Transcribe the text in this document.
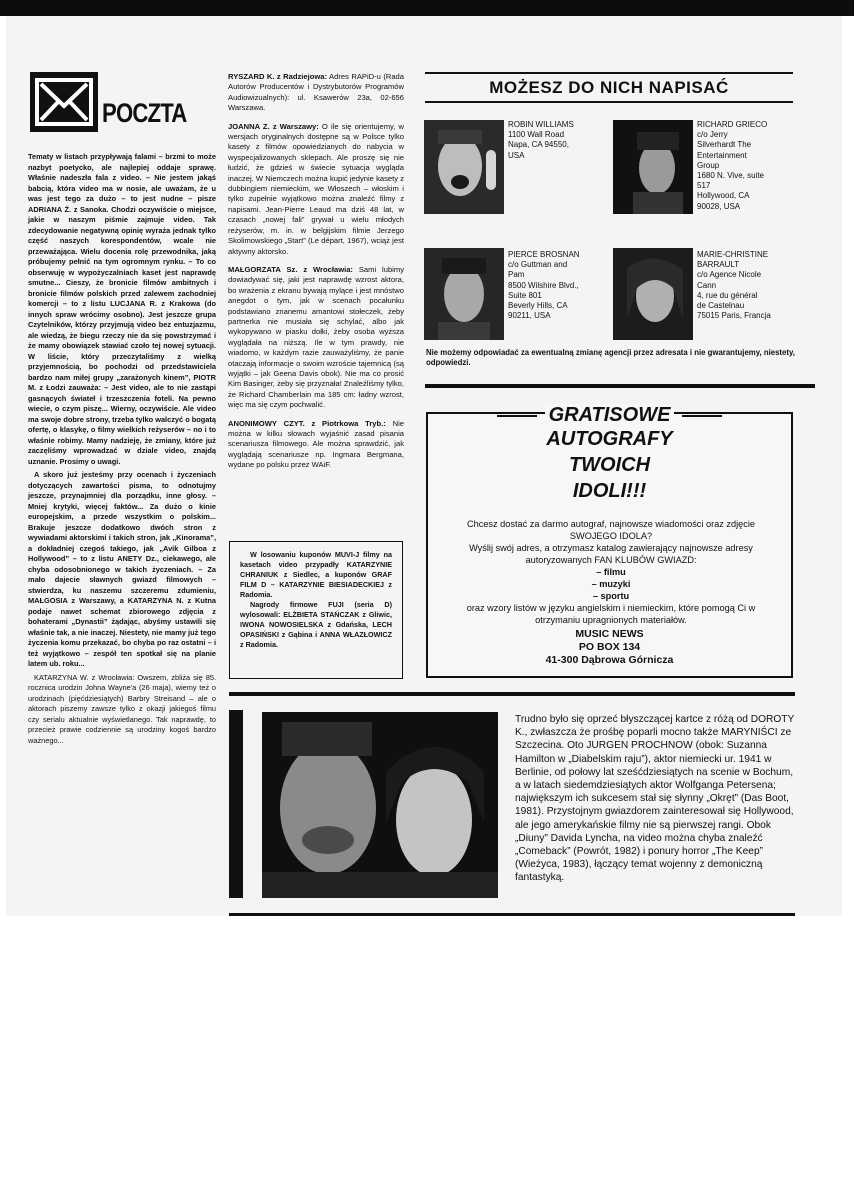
POCZTA

Tematy w listach przypływają falami – brzmi to może nazbyt poetycko, ale najlepiej oddaje sprawę. Właśnie nadeszła fala z video. – Nie jestem jakąś babcią, która video ma w nosie, ale uważam, że u was jest tego za dużo – to jest nudne – pisze ADRIANA Ż. z Sanoka. Chodzi oczywiście o miejsce, jakie w naszym piśmie zajmuje video. Tak zdecydowanie negatywną opinię wyraża jednak tylko część naszych korespondentów, wcale nie przeważająca. Wielu docenia rolę przewodnika, jaką próbujemy pełnić na tym ogromnym rynku. – To co obserwuję w wypożyczalniach kaset jest naprawdę smutne... Cieszy, że bronicie filmów ambitnych i bronicie filmów polskich przed zalewem zachodniej komercji – to z listu LUCJANA R. z Krakowa (do innych spraw wrócimy osobno). Jest jeszcze grupa Czytelników, którzy przyjmują video bez entuzjazmu, ale wiedzą, że biegu rzeczy nie da się powstrzymać i że mamy obowiązek stawiać czoło tej nowej sytuacji. W liście, który przeczytaliśmy z wielką przyjemnością, bo pochodzi od przedstawiciela bardzo nam miłej grupy „zarażonych kinem”, PIOTR M. z Łodzi zauważa: – Jest video, ale to nie zastąpi gasnących świateł i trzeszczenia foteli. Na pewno wiecie, o czym piszę... Wierny, oczywiście. Ale video ma swoje dobre strony, trzeba tylko walczyć o bogatą ofertę, o klasykę, o filmy wielkich reżyserów – no i to właśnie robimy. Mamy nadzieję, że zmiany, które już zaczęliśmy wprowadzać w dziale video, znajdą uznanie. Prosimy o uwagi.

A skoro już jesteśmy przy ocenach i życzeniach dotyczących zawartości pisma, to odnotujmy jeszcze, przynajmniej dla porządku, inne głosy. – Mniej krytyki, więcej faktów... Za dużo o kinie europejskim, a przede wszystkim o polskim... Brakuje jeszcze dodatkowo dwóch stron z wywiadami aktorskimi i takich stron, jak „Kinorama”, a dokładniej czegoś takiego, jak „Avik Gilboa z Hollywood” – to z listu ANETY Dz., ciekawego, ale chyba odosobnionego w takich życzeniach. – Za mało dajecie sławnych gwiazd filmowych – stwierdza, ku naszemu szczeremu zdumieniu, MAŁGOSIA z Warszawy, a KATARZYNA N. z Kutna podaje nawet schemat zbiorowego zdjęcia z bohaterami „Dynastii” żądając, abyśmy ustawili się właśnie tak, a nie inaczej. Niestety, nie mamy już tego życzenia komu przekazać, bo chyba po raz ostatni – i też wyjątkowo – zespół ten spotkał się na planie latem ub. roku...

KATARZYNA W. z Wrocławia: Owszem, zbliża się 85. rocznica urodzin Johna Wayne'a (26 maja), wiemy też o urodzinach (pięćdziesiątych) Barbry Streisand – ale o aktorach piszemy zawsze tylko z okazji jakiegoś filmu czy serialu aktualnie wyświetlanego. Tak naprawdę, to przecież prawie codziennie są urodziny kogoś bardzo ważnego...

RYSZARD K. z Radziejowa: Adres RAPiD-u (Rada Autorów Producentów i Dystrybutorów Programów Audiowizualnych): ul. Ksawerów 23a, 02-656 Warszawa.

JOANNA Z. z Warszawy: O ile się orientujemy, w wersjach oryginalnych dostępne są w Polsce tylko kasety z filmów opowiedzianych do nabycia w wyspecjalizowanych sklepach. Ale proszę się nie łudzić, że gdzieś w świecie sytuacja wygląda inaczej. W Niemczech można kupić jedynie kasety z dubbingiem niemieckim, we Włoszech – włoskim i tylko zupełnie wyjątkowo można znaleźć filmy z napisami. Jean-Pierre Leaud ma dziś 48 lat, w czasach „nowej fali” grywał u wielu młodych reżyserów, m. in. w belgijskim filmie Jerzego Skolimowskiego „Start” (Le départ, 1967), wciąż jest aktywny aktorsko.

MAŁGORZATA Sz. z Wrocławia: Sami lubimy dowiadywać się, jaki jest naprawdę wzrost aktora, bo wrażenia z ekranu bywają mylące i jest mnóstwo anegdot o tym, jak w scenach pocałunku podstawiano znanemu amantowi stołeczek, żeby partnerka nie musiała się schylać, albo jak wykopywano w piasku dołki, żeby osoba wyższa wyglądała na niższą. Ile w tym prawdy, nie wiadomo, w każdym razie zauważyliśmy, że panie otaczają informacje o swoim wzroście tajemnicą (są wyjątki – jak Geena Davis obok). Nie ma co prosić Kim Basinger, żeby się przyznała! Znaleźliśmy tylko, że Richard Chamberlain ma 185 cm: ładny wzrost, więc ma się czym pochwalić.

ANONIMOWY CZYT. z Piotrkowa Tryb.: Nie można w kilku słowach wyjaśnić zasad pisania scenariusza filmowego. Ale można sprawdzić, jak wyglądają scenariusze np. Ingmara Bergmana, wydane po polsku przez WAiF.

W losowaniu kuponów MUVI-J filmy na kasetach video przypadły KATARZYNIE CHRANIUK z Siedlec, a kuponów GRAF FILM D – KATARZYNIE BIESIADECKIEJ z Radomia.

Nagrody firmowe FUJI (seria D) wylosowali: ELŻBIETA STAŃCZAK z Gliwic, IWONA NOWOSIELSKA z Gdańska, LECH OPASIŃSKI z Gąbina i ANNA WŁAZŁOWICZ z Radomia.

MOŻESZ DO NICH NAPISAĆ
ROBIN WILLIAMS
1100 Wall Road
Napa, CA 94550,
USA
RICHARD GRIECO
c/o Jerry
Silverhardt The
Entertainment
Group
1680 N. Vive, suite
517
Hollywood, CA
90028, USA
PIERCE BROSNAN
c/o Guttman and
Pam
8500 Wilshire Blvd.,
Suite 801
Beverly Hills, CA
90211, USA
MARIE-CHRISTINE
BARRAULT
c/o Agence Nicole
Cann
4, rue du général
de Castelnau
75015 Paris, Francja
Nie możemy odpowiadać za ewentualną zmianę agencji przez adresata i nie gwarantujemy, niestety, odpowiedzi.
GRATISOWE
AUTOGRAFY
TWOICH
IDOLI!!!
Chcesz dostać za darmo autograf, najnowsze wiadomości oraz zdjęcie SWOJEGO IDOLA?
Wyślij swój adres, a otrzymasz katalog zawierający najnowsze adresy autoryzowanych FAN KLUBÓW GWIAZD:
– filmu
– muzyki
– sportu
oraz wzory listów w języku angielskim i niemieckim, które pomogą Ci w otrzymaniu upragnionych materiałów.
MUSIC NEWS
PO BOX 134
41-300 Dąbrowa Górnicza
Trudno było się oprzeć błyszczącej kartce z różą od DOROTY K., zwłaszcza że prośbę poparli mocno także MARYNIŚCI ze Szczecina. Oto JURGEN PROCHNOW (obok: Suzanna Hamilton w „Diabelskim raju”), aktor niemiecki ur. 1941 w Berlinie, od połowy lat sześćdziesiątych na scenie w Bochum, a w latach siedemdziesiątych aktor Wolfganga Petersena; największym ich sukcesem stał się słynny „Okręt” (Das Boot, 1981). Przystojnym gwiazdorem zainteresował się Hollywood, ale jego amerykańskie filmy nie są pierwszej rangi. Obok „Diuny” Davida Lyncha, na video można chyba znaleźć „Comeback” (Powrót, 1982) i ponury horror „The Keep” (Wieżyca, 1983), łączący temat wojenny z demoniczną fantastyką.
